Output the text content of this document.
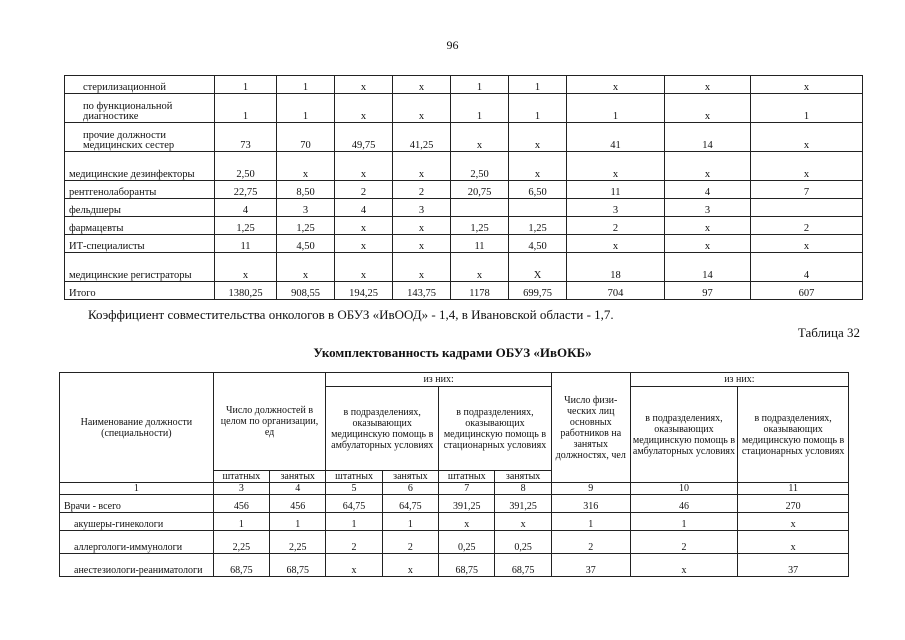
96
стерилизационной	1	1	х	х	1	1	х	х	х
по функциональной диагностике	1	1	х	х	1	1	1	х	1
прочие должности медицинских сестер	73	70	49,75	41,25	х	х	41	14	х
медицинские дезинфекторы	2,50	х	х	х	2,50	х	х	х	х
рентгенолаборанты	22,75	8,50	2	2	20,75	6,50	11	4	7
фельдшеры	4	3	4	3			3	3	
фармацевты	1,25	1,25	х	х	1,25	1,25	2	х	2
ИТ-специалисты	11	4,50	х	х	11	4,50	х	х	х
медицинские регистраторы	х	х	х	х	х	Х	18	14	4
Итого	1380,25	908,55	194,25	143,75	1178	699,75	704	97	607
Коэффициент совместительства онкологов в ОБУЗ «ИвООД» - 1,4, в Ивановской области - 1,7.
Таблица 32
Укомплектованность кадрами ОБУЗ «ИвОКБ»
Наименование должности (специальности)	Число должностей в целом по организации, ед		из них:				Число физи-ческих лиц основных работников на занятых должностях, чел	из них:	
			в подразделениях, оказывающих медицинскую помощь в амбулаторных условиях		в подразделениях, оказывающих медицинскую помощь в стационарных условиях			в подразделениях, оказывающих медицинскую помощь в амбулаторных условиях	в подразделениях, оказывающих медицинскую помощь в стационарных условиях
	штатных	занятых	штатных	занятых	штатных	занятых			
1	3	4	5	6	7	8	9	10	11
Врачи - всего	456	456	64,75	64,75	391,25	391,25	316	46	270
акушеры-гинекологи	1	1	1	1	х	х	1	1	х
аллергологи-иммунологи	2,25	2,25	2	2	0,25	0,25	2	2	х
анестезиологи-реаниматологи	68,75	68,75	х	х	68,75	68,75	37	х	37
